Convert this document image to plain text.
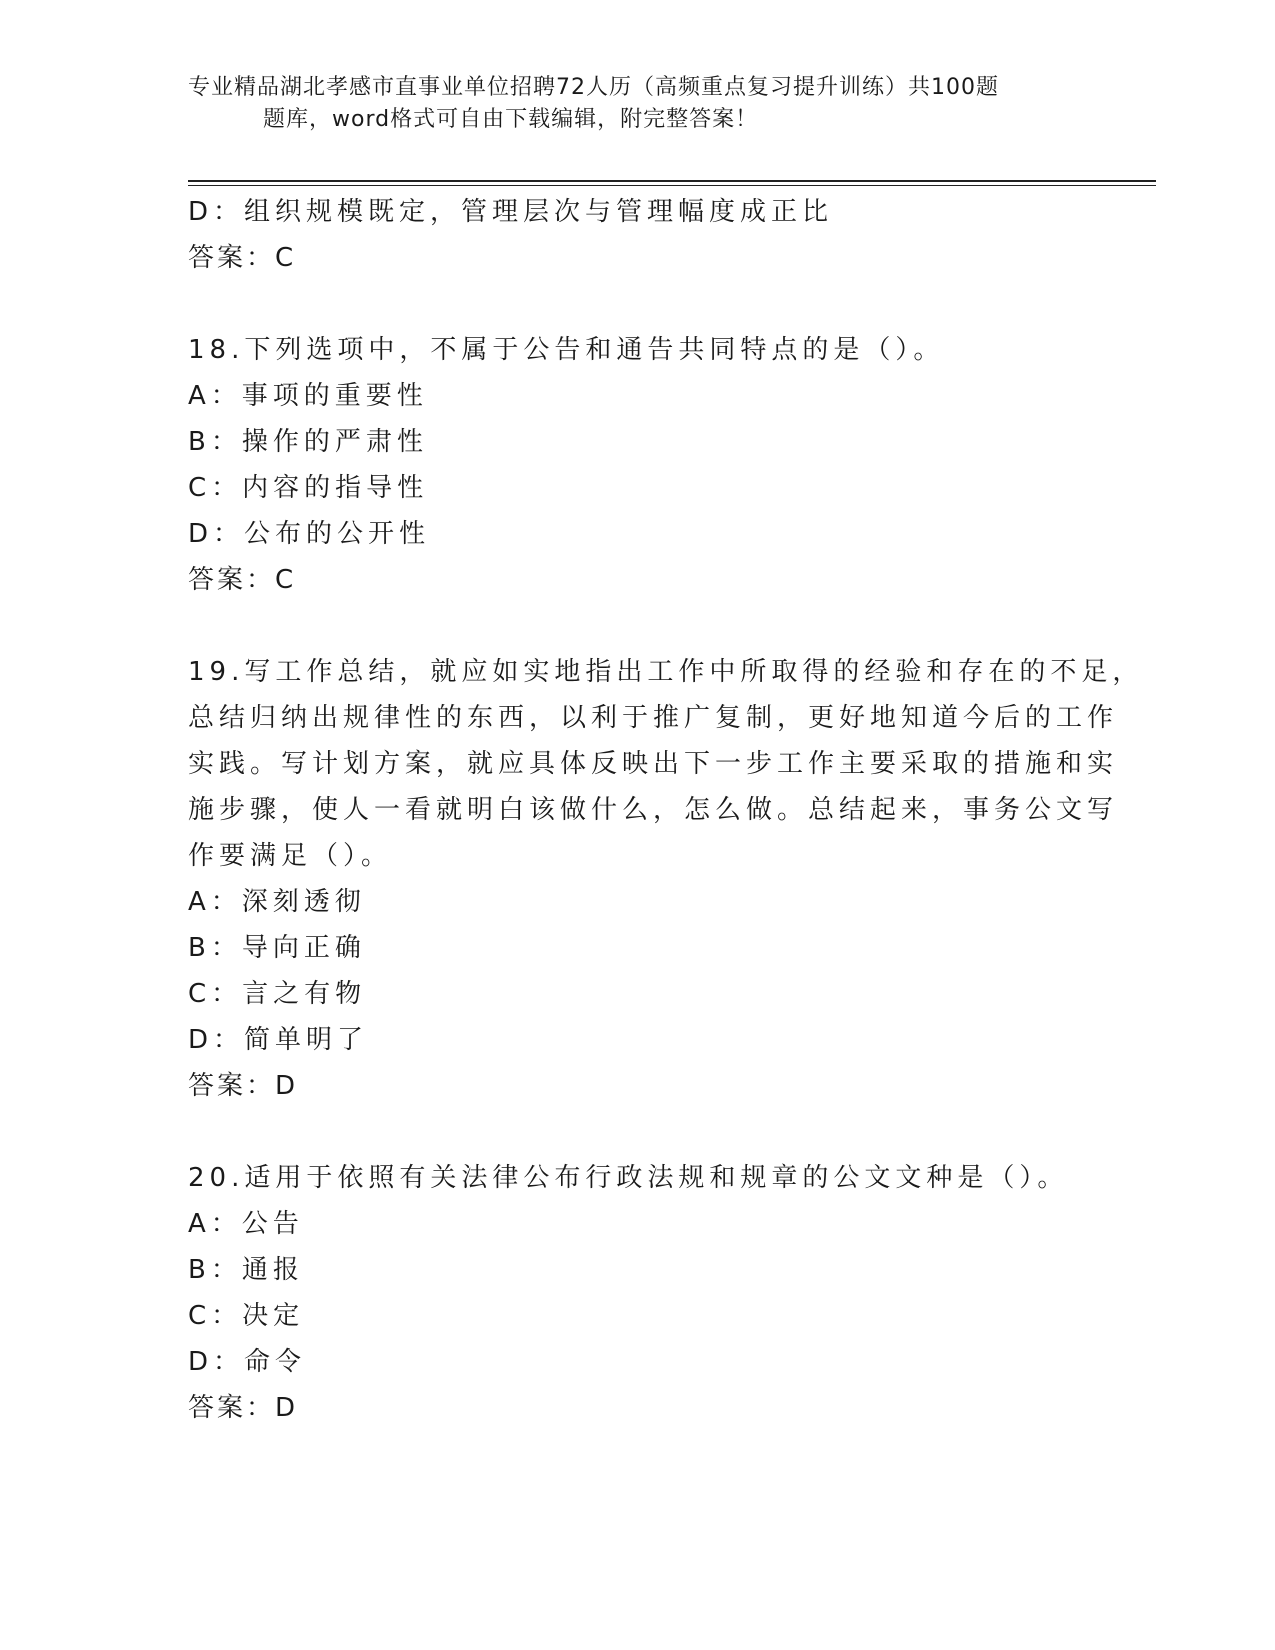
专业精品湖北孝感市直事业单位招聘72人历（高频重点复习提升训练）共100题
题库，word格式可自由下载编辑，附完整答案！
D：组织规模既定，管理层次与管理幅度成正比
答案：C
18.下列选项中，不属于公告和通告共同特点的是（）。
A：事项的重要性
B：操作的严肃性
C：内容的指导性
D：公布的公开性
答案：C
19.写工作总结，就应如实地指出工作中所取得的经验和存在的不足，
总结归纳出规律性的东西，以利于推广复制，更好地知道今后的工作
实践。写计划方案，就应具体反映出下一步工作主要采取的措施和实
施步骤，使人一看就明白该做什么，怎么做。总结起来，事务公文写
作要满足（）。
A：深刻透彻
B：导向正确
C：言之有物
D：简单明了
答案：D
20.适用于依照有关法律公布行政法规和规章的公文文种是（）。
A：公告
B：通报
C：决定
D：命令
答案：D
